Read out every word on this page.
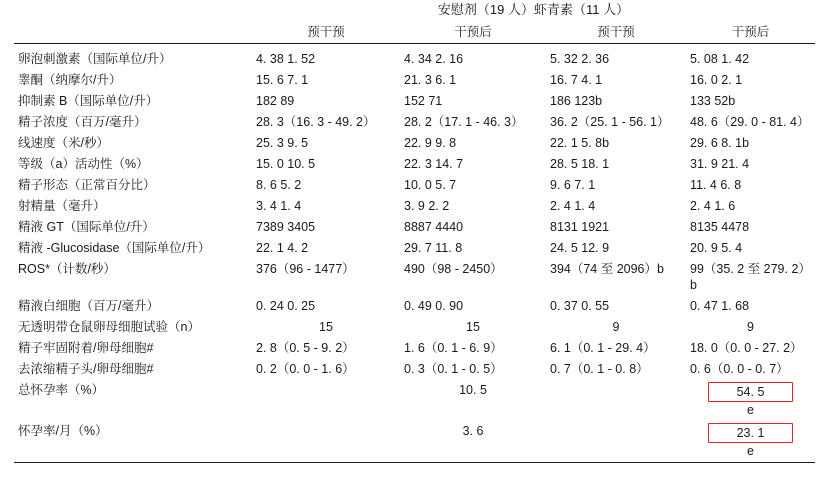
	安慰剂（19 人）虾青素（11 人）			
	预干预	干预后	预干预	干预后

卵泡刺激素（国际单位/升）	4. 38 1. 52	4. 34 2. 16	5. 32 2. 36	5. 08 1. 42
睾酮（纳摩尔/升）	15. 6 7. 1	21. 3 6. 1	16. 7 4. 1	16. 0 2. 1
抑制素 B（国际单位/升）	182 89	152 71	186 123b	133 52b
精子浓度（百万/毫升）	28. 3（16. 3 - 49. 2）	28. 2（17. 1 - 46. 3）	36. 2（25. 1 - 56. 1）	48. 6（29. 0 - 81. 4）
线速度（米/秒）	25. 3 9. 5	22. 9 9. 8	22. 1 5. 8b	29. 6 8. 1b
等级（a）活动性（%）	15. 0 10. 5	22. 3 14. 7	28. 5 18. 1	31. 9 21. 4
精子形态（正常百分比）	8. 6 5. 2	10. 0 5. 7	9. 6 7. 1	11. 4 6. 8
射精量（毫升）	3. 4 1. 4	3. 9 2. 2	2. 4 1. 4	2. 4 1. 6
精液 GT（国际单位/升）	7389 3405	8887 4440	8131 1921	8135 4478
精液 -Glucosidase（国际单位/升）	22. 1 4. 2	29. 7 11. 8	24. 5 12. 9	20. 9 5. 4
ROS*（计数/秒）	376（96 - 1477）	490（98 - 2450）	394（74 至 2096）b	99（35. 2 至 279. 2）b
精液白细胞（百万/毫升）	0. 24 0. 25	0. 49 0. 90	0. 37 0. 55	0. 47 1. 68
无透明带仓鼠卵母细胞试验（n）	15	15	9	9
精子牢固附着/卵母细胞#	2. 8（0. 5 - 9. 2）	1. 6（0. 1 - 6. 9）	6. 1（0. 1 - 29. 4）	18. 0（0. 0 - 27. 2）
去浓缩精子头/卵母细胞#	0. 2（0. 0 - 1. 6）	0. 3（0. 1 - 0. 5）	0. 7（0. 1 - 0. 8）	0. 6（0. 0 - 0. 7）
总怀孕率（%）		10. 5		54. 5
e

怀孕率/月（%）		3. 6		23. 1
e
